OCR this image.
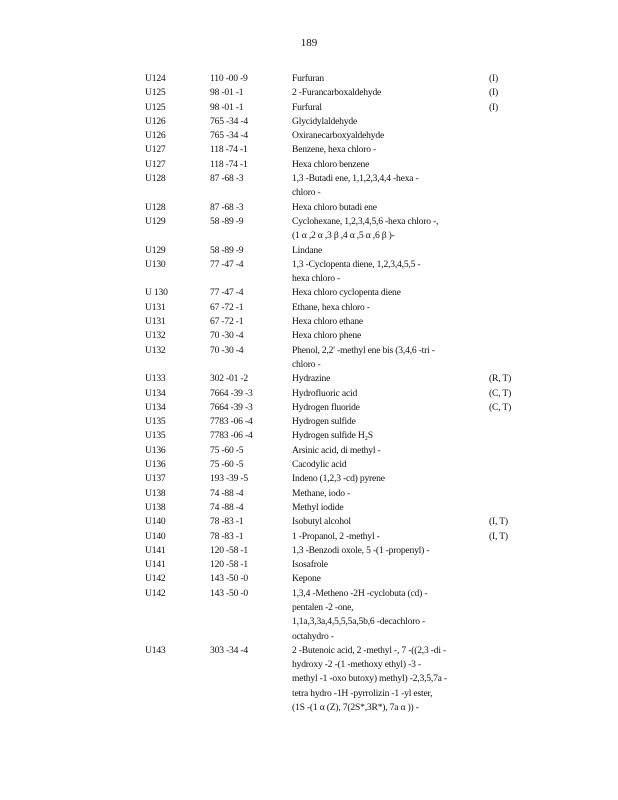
189
U124	110 -00 -9	Furfuran	(I)
U125	98 -01 -1	2 -Furancarboxaldehyde	(I)
U125	98 -01 -1	Furfural	(I)
U126	765 -34 -4	Glycidylaldehyde
U126	765 -34 -4	Oxiranecarboxyaldehyde
U127	118 -74 -1	Benzene, hexa chloro -
U127	118 -74 -1	Hexa chloro benzene
U128	87 -68 -3	1,3 -Butadi ene, 1,1,2,3,4,4 -hexa -
chloro -
U128	87 -68 -3	Hexa chloro butadi ene
U129	58 -89 -9	Cyclohexane, 1,2,3,4,5,6 -hexa chloro -,
(1 α ,2 α ,3 β ,4 α ,5 α ,6 β )-
U129	58 -89 -9	Lindane
U130	77 -47 -4	1,3 -Cyclopenta diene, 1,2,3,4,5,5 -
hexa chloro -
U 130	77 -47 -4	Hexa chloro cyclopenta diene
U131	67 -72 -1	Ethane, hexa chloro -
U131	67 -72 -1	Hexa chloro ethane
U132	70 -30 -4	Hexa chloro phene
U132	70 -30 -4	Phenol, 2,2' -methyl ene bis (3,4,6 -tri -
chloro -
U133	302 -01 -2	Hydrazine	(R, T)
U134	7664 -39 -3	Hydrofluoric acid	(C, T)
U134	7664 -39 -3	Hydrogen fluoride	(C, T)
U135	7783 -06 -4	Hydrogen sulfide
U135	7783 -06 -4	Hydrogen sulfide H₂S
U136	75 -60 -5	Arsinic acid, di methyl -
U136	75 -60 -5	Cacodylic acid
U137	193 -39 -5	Indeno (1,2,3 -cd) pyrene
U138	74 -88 -4	Methane, iodo -
U138	74 -88 -4	Methyl iodide
U140	78 -83 -1	Isobutyl alcohol	(I, T)
U140	78 -83 -1	1 -Propanol, 2 -methyl -	(I, T)
U141	120 -58 -1	1,3 -Benzodi oxole, 5 -(1 -propenyl) -
U141	120 -58 -1	Isosafrole
U142	143 -50 -0	Kepone
U142	143 -50 -0	1,3,4 -Metheno -2H -cyclobuta (cd) -
pentalen -2 -one,
1,1a,3,3a,4,5,5,5a,5b,6 -decachloro -
octahydro -
U143	303 -34 -4	2 -Butenoic acid, 2 -methyl -, 7 -((2,3 -di -
hydroxy -2 -(1 -methoxy ethyl) -3 -
methyl -1 -oxo butoxy) methyl) -2,3,5,7a -
tetra hydro -1H -pyrrolizin -1 -yl ester,
(1S -(1 α (Z), 7(2S*,3R*), 7a α )) -
